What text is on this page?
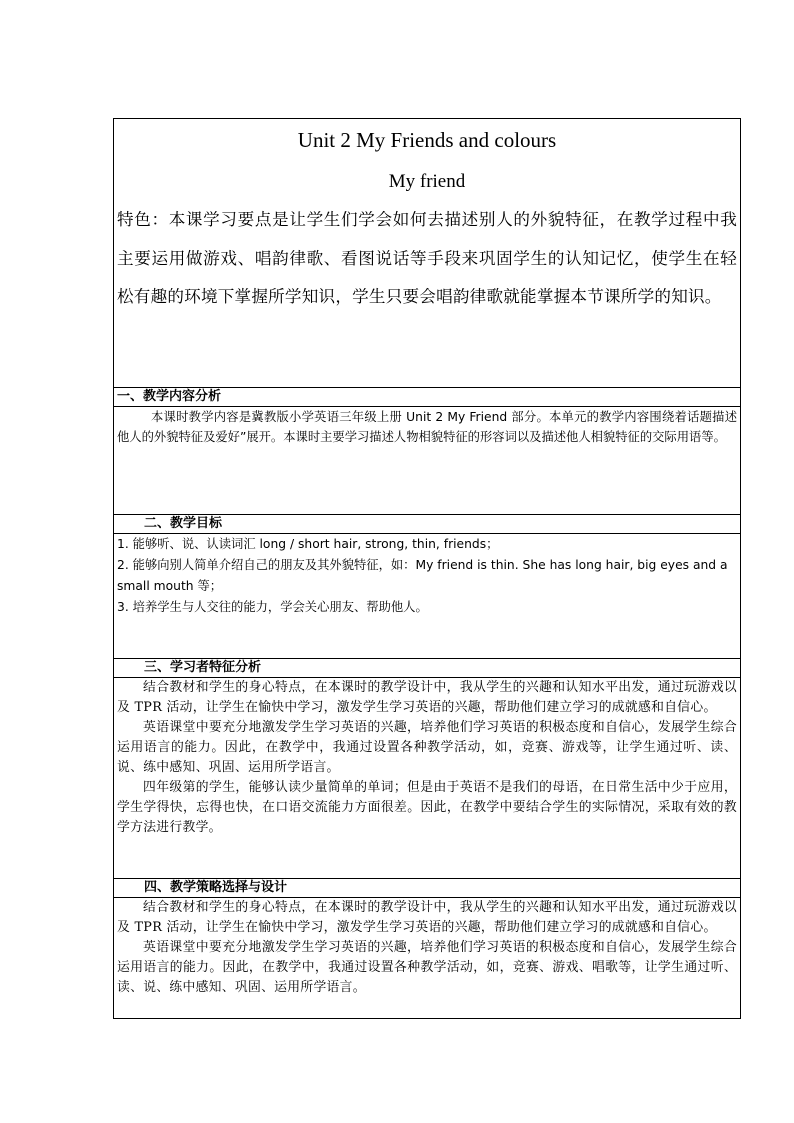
Unit 2 My Friends and colours
My friend
特色：本课学习要点是让学生们学会如何去描述别人的外貌特征，在教学过程中我主要运用做游戏、唱韵律歌、看图说话等手段来巩固学生的认知记忆，使学生在轻松有趣的环境下掌握所学知识，学生只要会唱韵律歌就能掌握本节课所学的知识。

一、教学内容分析

本课时教学内容是冀教版小学英语三年级上册 Unit 2 My Friend 部分。本单元的教学内容围绕着话题描述他人的外貌特征及爱好”展开。本课时主要学习描述人物相貌特征的形容词以及描述他人相貌特征的交际用语等。

二、教学目标

1. 能够听、说、认读词汇 long / short hair, strong, thin, friends；

2. 能够向别人简单介绍自己的朋友及其外貌特征，如：My friend is thin. She has long hair, big eyes and a small mouth 等；

3. 培养学生与人交往的能力，学会关心朋友、帮助他人。

三、学习者特征分析

结合教材和学生的身心特点，在本课时的教学设计中，我从学生的兴趣和认知水平出发，通过玩游戏以及 TPR 活动，让学生在愉快中学习，激发学生学习英语的兴趣，帮助他们建立学习的成就感和自信心。

英语课堂中要充分地激发学生学习英语的兴趣，培养他们学习英语的积极态度和自信心，发展学生综合运用语言的能力。因此，在教学中，我通过设置各种教学活动，如，竞赛、游戏等，让学生通过听、读、说、练中感知、巩固、运用所学语言。

四年级第的学生，能够认读少量简单的单词；但是由于英语不是我们的母语，在日常生活中少于应用，学生学得快，忘得也快，在口语交流能力方面很差。因此，在教学中要结合学生的实际情况，采取有效的教学方法进行教学。

四、教学策略选择与设计

结合教材和学生的身心特点，在本课时的教学设计中，我从学生的兴趣和认知水平出发，通过玩游戏以及 TPR 活动，让学生在愉快中学习，激发学生学习英语的兴趣，帮助他们建立学习的成就感和自信心。

英语课堂中要充分地激发学生学习英语的兴趣，培养他们学习英语的积极态度和自信心，发展学生综合运用语言的能力。因此，在教学中，我通过设置各种教学活动，如，竞赛、游戏、唱歌等，让学生通过听、读、说、练中感知、巩固、运用所学语言。
